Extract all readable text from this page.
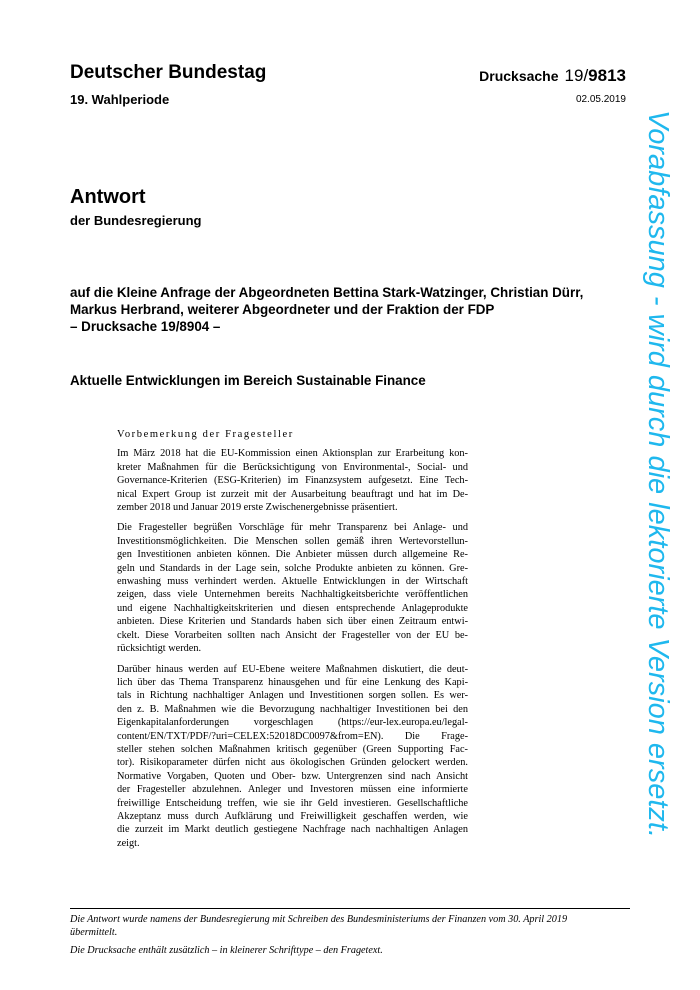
Deutscher Bundestag
19. Wahlperiode
Drucksache 19/9813
02.05.2019
Antwort
der Bundesregierung
auf die Kleine Anfrage der Abgeordneten Bettina Stark-Watzinger, Christian Dürr,
Markus Herbrand, weiterer Abgeordneter und der Fraktion der FDP
– Drucksache 19/8904 –
Aktuelle Entwicklungen im Bereich Sustainable Finance
Vorbemerkung der Fragesteller
Im März 2018 hat die EU-Kommission einen Aktionsplan zur Erarbeitung kon-
kreter Maßnahmen für die Berücksichtigung von Environmental-, Social- und
Governance-Kriterien (ESG-Kriterien) im Finanzsystem aufgesetzt. Eine Tech-
nical Expert Group ist zurzeit mit der Ausarbeitung beauftragt und hat im De-
zember 2018 und Januar 2019 erste Zwischenergebnisse präsentiert.
Die Fragesteller begrüßen Vorschläge für mehr Transparenz bei Anlage- und
Investitionsmöglichkeiten. Die Menschen sollen gemäß ihren Wertevorstellun-
gen Investitionen anbieten können. Die Anbieter müssen durch allgemeine Re-
geln und Standards in der Lage sein, solche Produkte anbieten zu können. Gre-
enwashing muss verhindert werden. Aktuelle Entwicklungen in der Wirtschaft
zeigen, dass viele Unternehmen bereits Nachhaltigkeitsberichte veröffentlichen
und eigene Nachhaltigkeitskriterien und diesen entsprechende Anlageprodukte
anbieten. Diese Kriterien und Standards haben sich über einen Zeitraum entwi-
ckelt. Diese Vorarbeiten sollten nach Ansicht der Fragesteller von der EU be-
rücksichtigt werden.
Darüber hinaus werden auf EU-Ebene weitere Maßnahmen diskutiert, die deut-
lich über das Thema Transparenz hinausgehen und für eine Lenkung des Kapi-
tals in Richtung nachhaltiger Anlagen und Investitionen sorgen sollen. Es wer-
den z. B. Maßnahmen wie die Bevorzugung nachhaltiger Investitionen bei den
Eigenkapitalanforderungen vorgeschlagen (https://eur-lex.europa.eu/legal-
content/EN/TXT/PDF/?uri=CELEX:52018DC0097&from=EN). Die Frage-
steller stehen solchen Maßnahmen kritisch gegenüber (Green Supporting Fac-
tor). Risikoparameter dürfen nicht aus ökologischen Gründen gelockert werden.
Normative Vorgaben, Quoten und Ober- bzw. Untergrenzen sind nach Ansicht
der Fragesteller abzulehnen. Anleger und Investoren müssen eine informierte
freiwillige Entscheidung treffen, wie sie ihr Geld investieren. Gesellschaftliche
Akzeptanz muss durch Aufklärung und Freiwilligkeit geschaffen werden, wie
die zurzeit im Markt deutlich gestiegene Nachfrage nach nachhaltigen Anlagen
zeigt.
Vorabfassung - wird durch die lektorierte Version ersetzt.
Die Antwort wurde namens der Bundesregierung mit Schreiben des Bundesministeriums der Finanzen vom 30. April 2019
übermittelt.
Die Drucksache enthält zusätzlich – in kleinerer Schrifttype – den Fragetext.
